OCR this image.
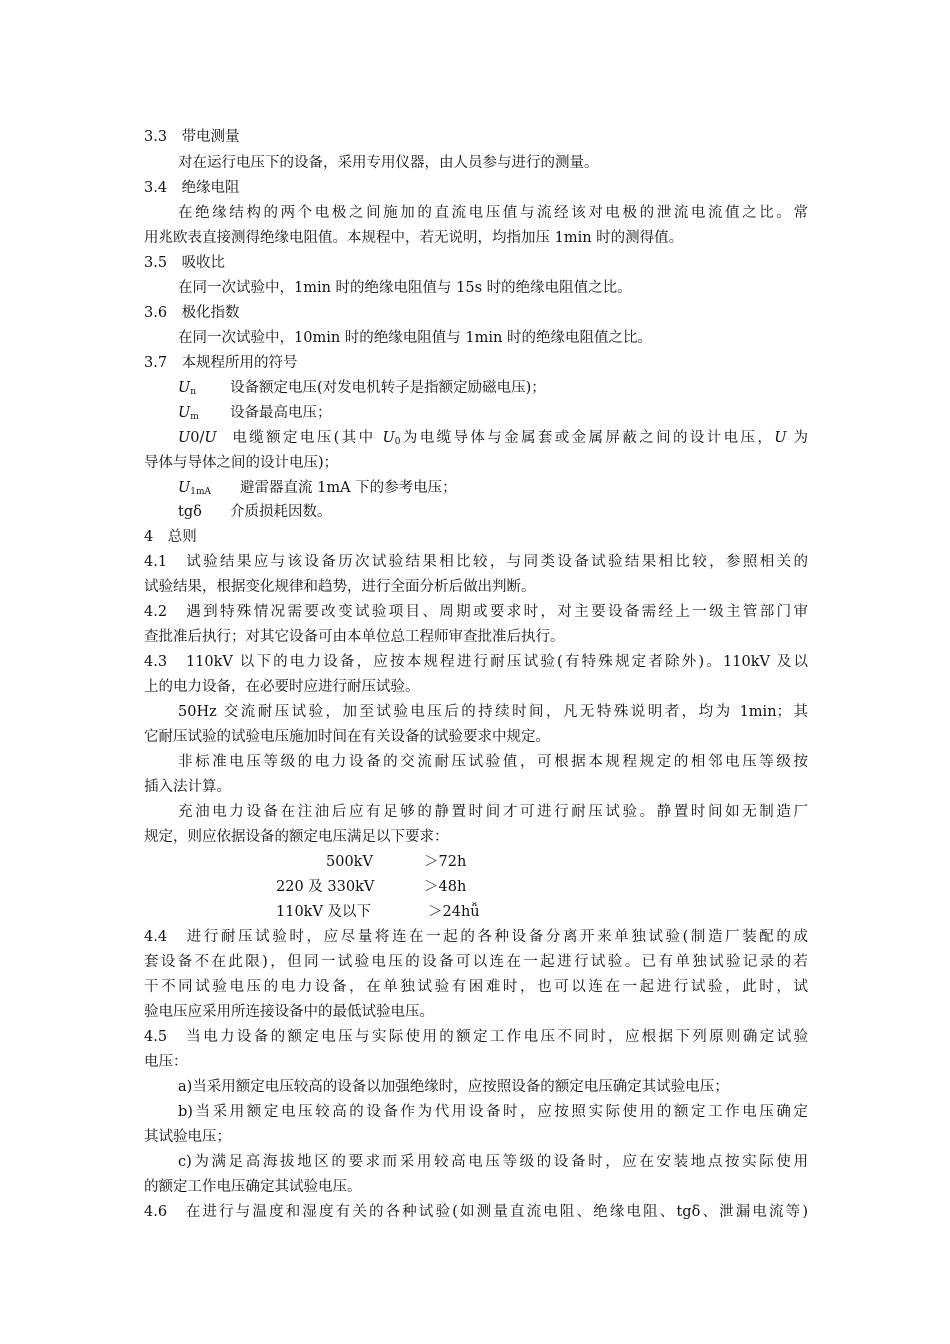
3.3　 带电测量
对在运行电压下的设备，采用专用仪器，由人员参与进行的测量。
3.4　 绝缘电阻
在绝缘结构的两个电极之间施加的直流电压值与流经该对电极的泄流电流值之比。常
用兆欧表直接测得绝缘电阻值。本规程中，若无说明，均指加压 1min 时的测得值。
3.5　 吸收比
在同一次试验中，1min 时的绝缘电阻值与 15s 时的绝缘电阻值之比。
3.6　 极化指数
在同一次试验中，10min 时的绝缘电阻值与 1min 时的绝缘电阻值之比。
3.7　 本规程所用的符号
$U_n$ 设备额定电压(对发电机转子是指额定励磁电压)；
$U_m$ 设备最高电压；
U0/U 电缆额定电压(其中 $U_0$为电缆导体与金属套或金属屏蔽之间的设计电压，U 为
导体与导体之间的设计电压)；
$U_{1mA}$ 避雷器直流 1mA 下的参考电压；
tgδ 介质损耗因数。
4　 总则
4.1　试验结果应与该设备历次试验结果相比较，与同类设备试验结果相比较，参照相关的
试验结果，根据变化规律和趋势，进行全面分析后做出判断。
4.2　遇到特殊情况需要改变试验项目、周期或要求时，对主要设备需经上一级主管部门审
查批准后执行；对其它设备可由本单位总工程师审查批准后执行。
4.3　110kV 以下的电力设备，应按本规程进行耐压试验(有特殊规定者除外)。110kV 及以
上的电力设备，在必要时应进行耐压试验。
50Hz 交流耐压试验，加至试验电压后的持续时间，凡无特殊说明者，均为 1min；其
它耐压试验的试验电压施加时间在有关设备的试验要求中规定。
非标准电压等级的电力设备的交流耐压试验值，可根据本规程规定的相邻电压等级按
插入法计算。
充油电力设备在注油后应有足够的静置时间才可进行耐压试验。静置时间如无制造厂
规定，则应依据设备的额定电压满足以下要求：
500kV	＞72h
220 及 330kV	＞48h
110kV 及以下	＞24hǚ
4.4　进行耐压试验时，应尽量将连在一起的各种设备分离开来单独试验(制造厂装配的成
套设备不在此限)，但同一试验电压的设备可以连在一起进行试验。已有单独试验记录的若
干不同试验电压的电力设备，在单独试验有困难时，也可以连在一起进行试验，此时，试
验电压应采用所连接设备中的最低试验电压。
4.5　当电力设备的额定电压与实际使用的额定工作电压不同时，应根据下列原则确定试验
电压：
a)当采用额定电压较高的设备以加强绝缘时，应按照设备的额定电压确定其试验电压；
b)当采用额定电压较高的设备作为代用设备时，应按照实际使用的额定工作电压确定
其试验电压；
c)为满足高海拔地区的要求而采用较高电压等级的设备时，应在安装地点按实际使用
的额定工作电压确定其试验电压。
4.6　在进行与温度和湿度有关的各种试验(如测量直流电阻、绝缘电阻、tgδ、泄漏电流等)
